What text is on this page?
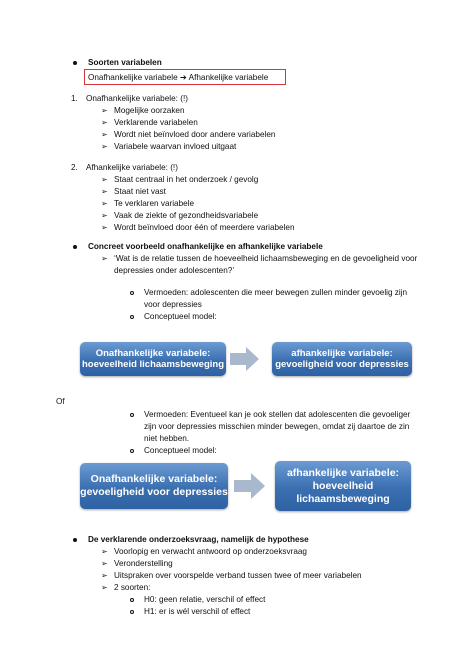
Soorten variabelen
Onafhankelijke variabele ➔ Afhankelijke variabele
1. Onafhankelijke variabele: (!)
➢ Mogelijke oorzaken
➢ Verklarende variabelen
➢ Wordt niet beïnvloed door andere variabelen
➢ Variabele waarvan invloed uitgaat
2. Afhankelijke variabele: (!)
➢ Staat centraal in het onderzoek / gevolg
➢ Staat niet vast
➢ Te verklaren variabele
➢ Vaak de ziekte of gezondheidsvariabele
➢ Wordt beïnvloed door één of meerdere variabelen
Concreet voorbeeld onafhankelijke en afhankelijke variabele
➢ ‘Wat is de relatie tussen de hoeveelheid lichaamsbeweging en de gevoeligheid voor
depressies onder adolescenten?’
Vermoeden: adolescenten die meer bewegen zullen minder gevoelig zijn
voor depressies
Conceptueel model:
Onafhankelijke variabele:
hoeveelheid lichaamsbeweging
afhankelijke variabele:
gevoeligheid voor depressies
Of
Vermoeden: Eventueel kan je ook stellen dat adolescenten die gevoeliger
zijn voor depressies misschien minder bewegen, omdat zij daartoe de zin
niet hebben.
Conceptueel model:
Onafhankelijke variabele:
gevoeligheid voor depressies
afhankelijke variabele:
hoeveelheid
lichaamsbeweging
De verklarende onderzoeksvraag, namelijk de hypothese
➢ Voorlopig en verwacht antwoord op onderzoeksvraag
➢ Veronderstelling
➢ Uitspraken over voorspelde verband tussen twee of meer variabelen
➢ 2 soorten:
H0: geen relatie, verschil of effect
H1: er is wél verschil of effect
